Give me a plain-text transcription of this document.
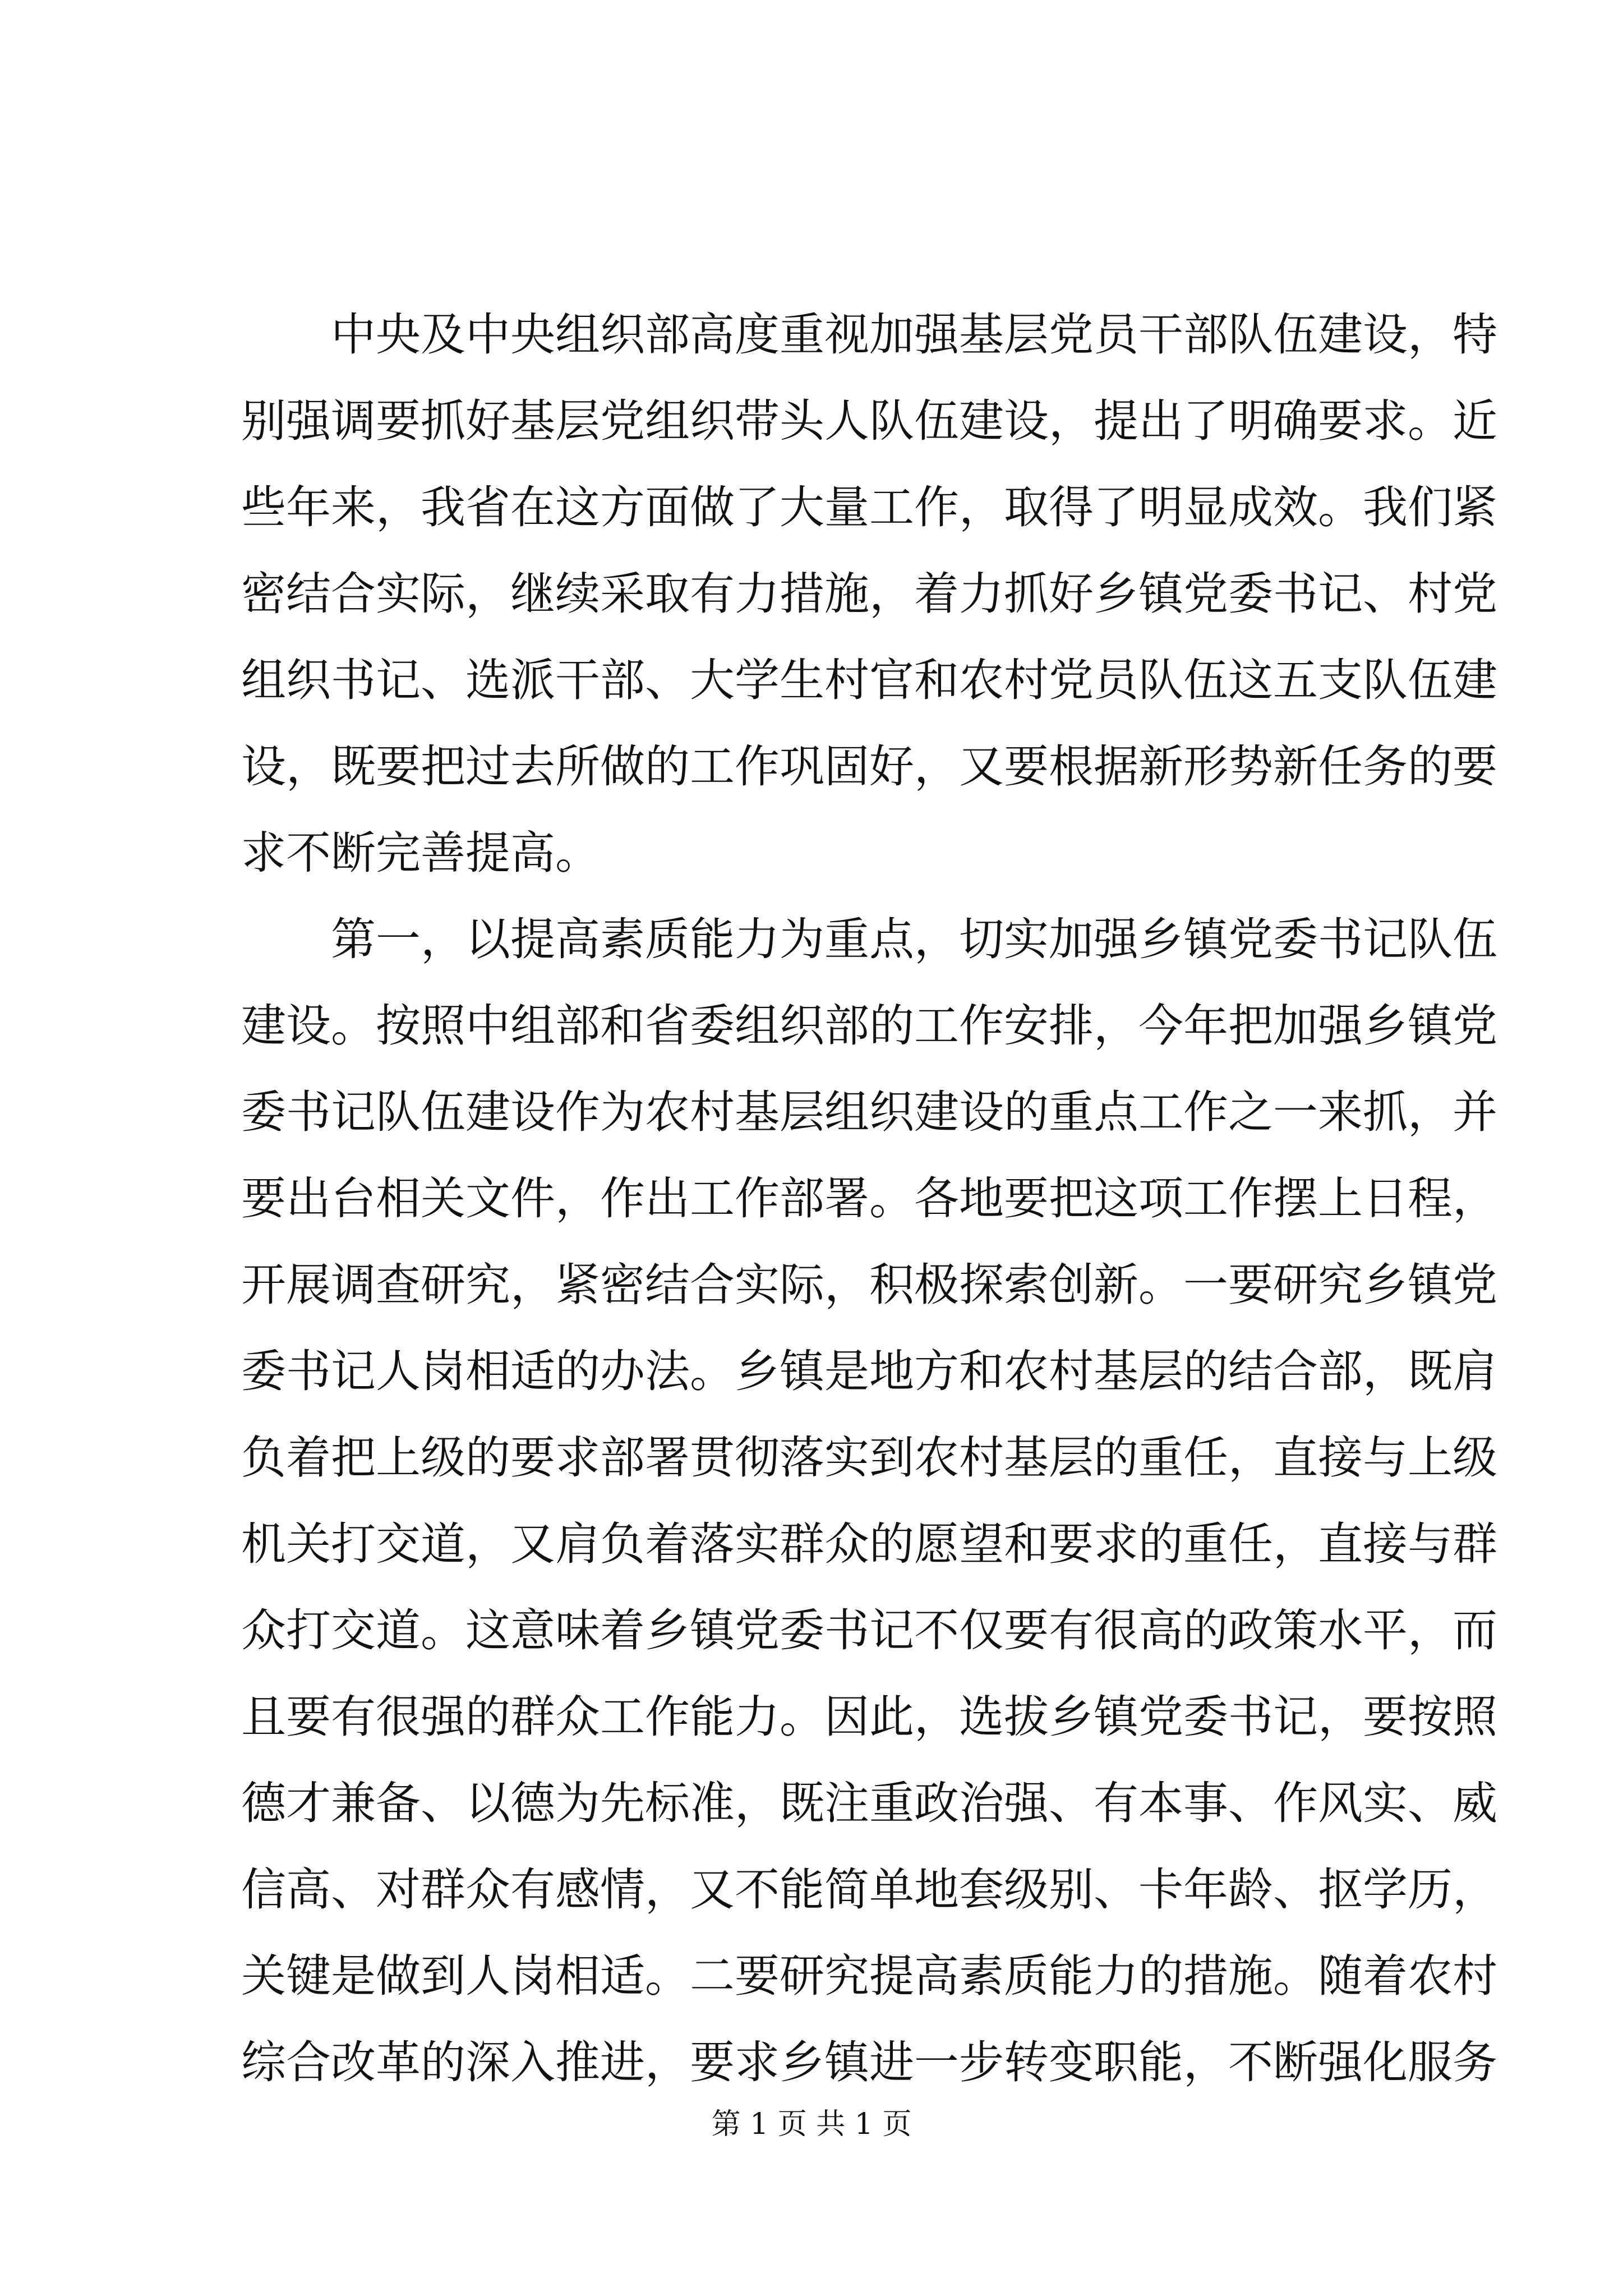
中央及中央组织部高度重视加强基层党员干部队伍建设，特
别强调要抓好基层党组织带头人队伍建设，提出了明确要求。近
些年来，我省在这方面做了大量工作，取得了明显成效。我们紧
密结合实际，继续采取有力措施，着力抓好乡镇党委书记、村党
组织书记、选派干部、大学生村官和农村党员队伍这五支队伍建
设，既要把过去所做的工作巩固好，又要根据新形势新任务的要
求不断完善提高。
第一，以提高素质能力为重点，切实加强乡镇党委书记队伍
建设。按照中组部和省委组织部的工作安排，今年把加强乡镇党
委书记队伍建设作为农村基层组织建设的重点工作之一来抓，并
要出台相关文件，作出工作部署。各地要把这项工作摆上日程，
开展调查研究，紧密结合实际，积极探索创新。一要研究乡镇党
委书记人岗相适的办法。乡镇是地方和农村基层的结合部，既肩
负着把上级的要求部署贯彻落实到农村基层的重任，直接与上级
机关打交道，又肩负着落实群众的愿望和要求的重任，直接与群
众打交道。这意味着乡镇党委书记不仅要有很高的政策水平，而
且要有很强的群众工作能力。因此，选拔乡镇党委书记，要按照
德才兼备、以德为先标准，既注重政治强、有本事、作风实、威
信高、对群众有感情，又不能简单地套级别、卡年龄、抠学历，
关键是做到人岗相适。二要研究提高素质能力的措施。随着农村
综合改革的深入推进，要求乡镇进一步转变职能，不断强化服务
第 1 页 共 1 页
